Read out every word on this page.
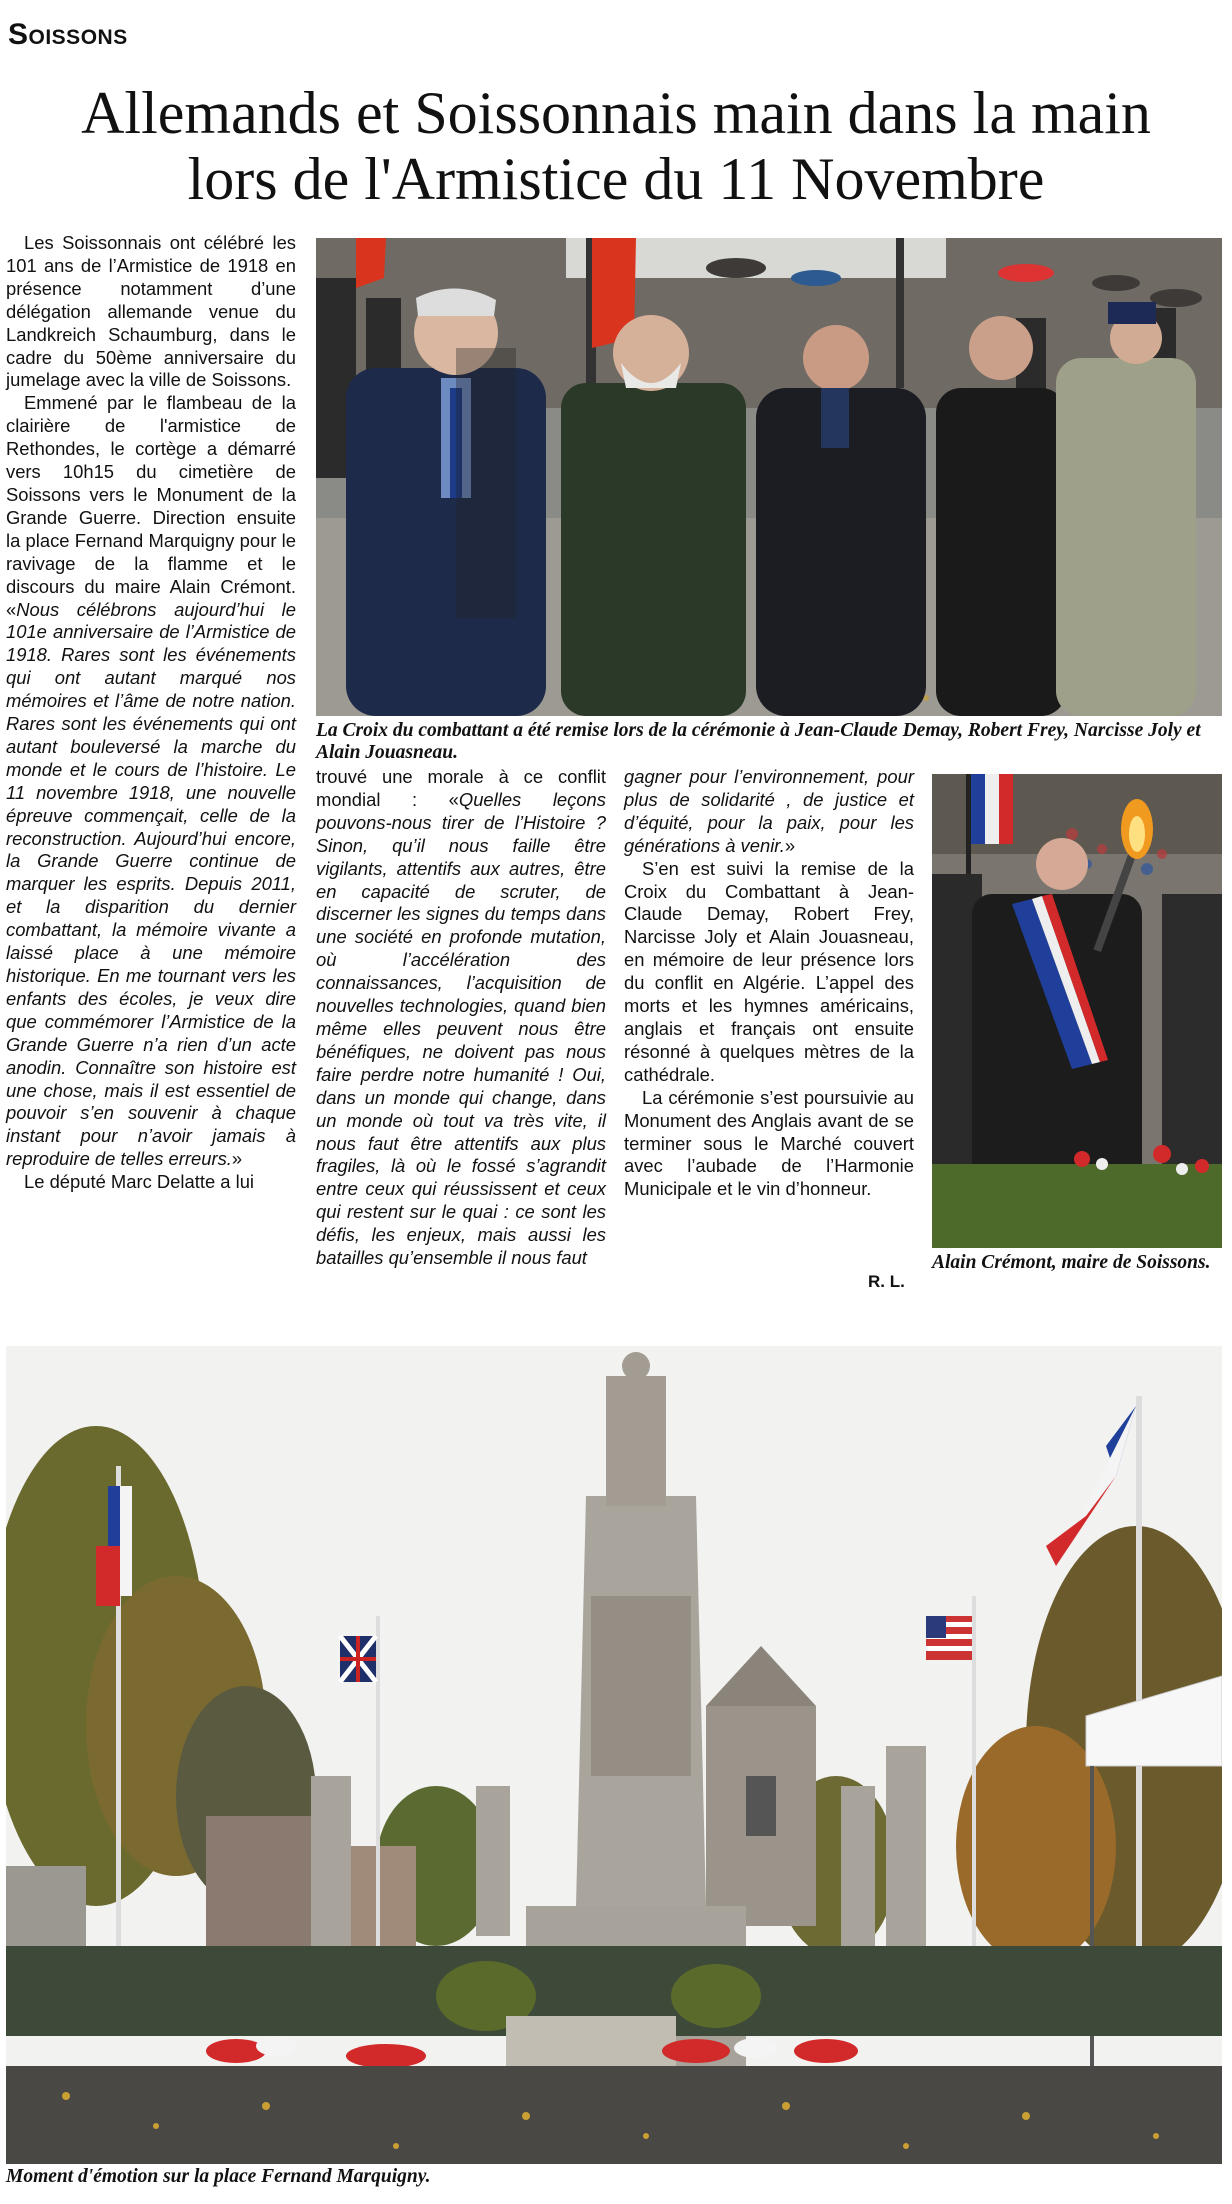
Soissons
Allemands et Soissonnais main dans la main
lors de l'Armistice du 11 Novembre

Les Soissonnais ont célébré les 101 ans de l’Armistice de 1918 en présence notamment d’une délégation allemande venue du Landkreich Schaumburg, dans le cadre du 50ème anniversaire du jumelage avec la ville de Soissons.

Emmené par le flambeau de la clairière de l'armistice de Rethondes, le cortège a démarré vers 10h15 du cimetière de Soissons vers le Monument de la Grande Guerre. Direction ensuite la place Fernand Marquigny pour le ravivage de la flamme et le discours du maire Alain Crémont. «Nous célébrons aujourd’hui le 101e anniversaire de l’Armistice de 1918. Rares sont les événements qui ont autant marqué nos mémoires et l’âme de notre nation. Rares sont les événements qui ont autant bouleversé la marche du monde et le cours de l’histoire. Le 11 novembre 1918, une nouvelle épreuve commençait, celle de la reconstruction. Aujourd’hui encore, la Grande Guerre continue de marquer les esprits. Depuis 2011, et la disparition du dernier combattant, la mémoire vivante a laissé place à une mémoire historique. En me tournant vers les enfants des écoles, je veux dire que commémorer l’Armistice de la Grande Guerre n’a rien d’un acte anodin. Connaître son histoire est une chose, mais il est essentiel de pouvoir s’en souvenir à chaque instant pour n’avoir jamais à reproduire de telles erreurs.»

Le député Marc Delatte a lui

La Croix du combattant a été remise lors de la cérémonie à Jean-Claude Demay, Robert Frey, Narcisse Joly et Alain Jouasneau.

trouvé une morale à ce conflit mondial : «Quelles leçons pouvons-nous tirer de l’Histoire ? Sinon, qu’il nous faille être vigilants, attentifs aux autres, être en capacité de scruter, de discerner les signes du temps dans une société en profonde mutation, où l’accélération des connaissances, l’acquisition de nouvelles technologies, quand bien même elles peuvent nous être bénéfiques, ne doivent pas nous faire perdre notre humanité ! Oui, dans un monde qui change, dans un monde où tout va très vite, il nous faut être attentifs aux plus fragiles, là où le fossé s’agrandit entre ceux qui réussissent et ceux qui restent sur le quai : ce sont les défis, les enjeux, mais aussi les batailles qu’ensemble il nous faut

gagner pour l’environnement, pour plus de solidarité , de justice et d’équité, pour la paix, pour les générations à venir.»

S’en est suivi la remise de la Croix du Combattant à Jean-Claude Demay, Robert Frey, Narcisse Joly et Alain Jouasneau, en mémoire de leur présence lors du conflit en Algérie. L’appel des morts et les hymnes américains, anglais et français ont ensuite résonné à quelques mètres de la cathédrale.

La cérémonie s’est poursuivie au Monument des Anglais avant de se terminer sous le Marché couvert avec l’aubade de l’Harmonie Municipale et le vin d’honneur.

R. L.
Alain Crémont, maire de Soissons.
Moment d'émotion sur la place Fernand Marquigny.
